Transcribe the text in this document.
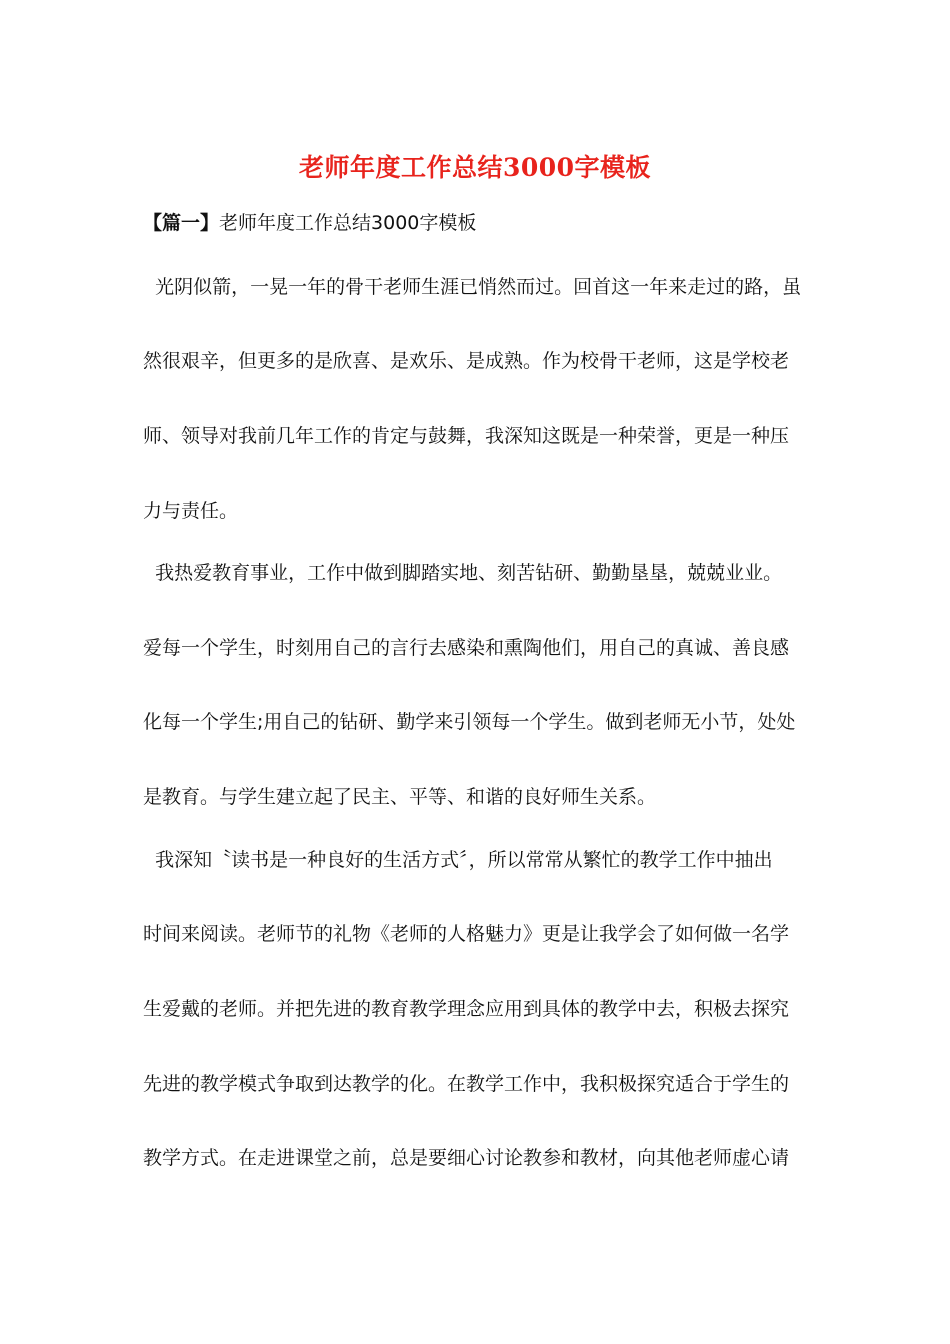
老师年度工作总结3000字模板
【篇一】老师年度工作总结3000字模板
光阴似箭，一晃一年的骨干老师生涯已悄然而过。回首这一年来走过的路，虽
然很艰辛，但更多的是欣喜、是欢乐、是成熟。作为校骨干老师，这是学校老
师、领导对我前几年工作的肯定与鼓舞，我深知这既是一种荣誉，更是一种压
力与责任。
我热爱教育事业，工作中做到脚踏实地、刻苦钻研、勤勤垦垦，兢兢业业。
爱每一个学生，时刻用自己的言行去感染和熏陶他们，用自己的真诚、善良感
化每一个学生;用自己的钻研、勤学来引领每一个学生。做到老师无小节，处处
是教育。与学生建立起了民主、平等、和谐的良好师生关系。
我深知〝读书是一种良好的生活方式〞，所以常常从繁忙的教学工作中抽出
时间来阅读。老师节的礼物《老师的人格魅力》更是让我学会了如何做一名学
生爱戴的老师。并把先进的教育教学理念应用到具体的教学中去，积极去探究
先进的教学模式争取到达教学的化。在教学工作中，我积极探究适合于学生的
教学方式。在走进课堂之前，总是要细心讨论教参和教材，向其他老师虚心请
